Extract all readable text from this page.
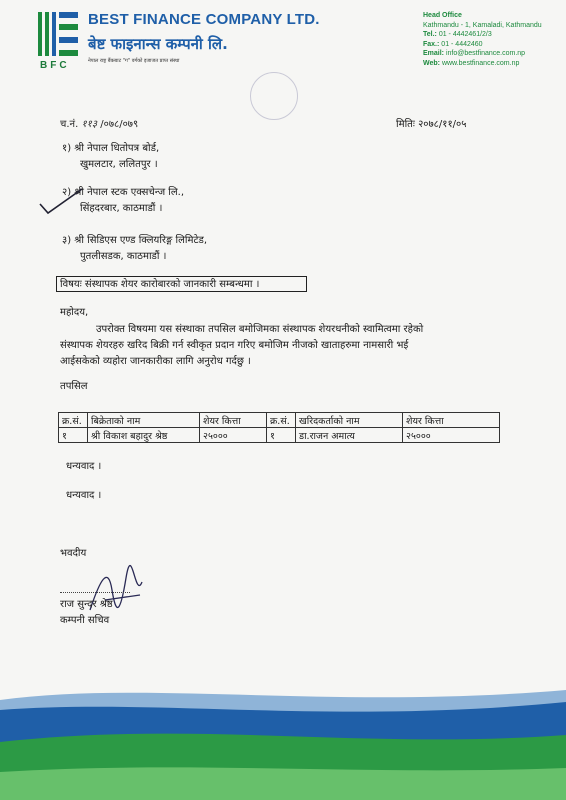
BFC
BEST FINANCE COMPANY LTD.
बेष्ट फाइनान्स कम्पनी लि.
नेपाल राष्ट्र बैंकबाट "ग" वर्गको इजाजत प्राप्त संस्था
Head Office
Kathmandu - 1, Kamaladi, Kathmandu
Tel.: 01 - 4442461/2/3
Fax.: 01 - 4442460
Email: info@bestfinance.com.np
Web: www.bestfinance.com.np
च.नं. ११३ /०७८/०७९	मितिः २०७८/११/०५
१) श्री नेपाल धितोपत्र बोर्ड,
खुमलटार, ललितपुर ।
२) श्री नेपाल स्टक एक्सचेन्ज लि.,
सिंहदरबार, काठमाडौं ।
३) श्री सिडिएस एण्ड क्लियरिङ्ग लिमिटेड,
पुतलीसडक, काठमाडौं ।
विषयः संस्थापक शेयर कारोबारको जानकारी सम्बन्धमा ।
महोदय,
उपरोक्त विषयमा यस संस्थाका तपसिल बमोजिमका संस्थापक शेयरधनीको स्वामित्वमा रहेको
संस्थापक शेयरहरु खरिद बिक्री गर्न स्वीकृत प्रदान गरिए बमोजिम नीजको खाताहरुमा नामसारी भई
आईसकेको व्यहोरा जानकारीका लागि अनुरोध गर्दछु ।
तपसिल
क्र.सं.	बिक्रेताको नाम	शेयर कित्ता	क्र.सं.	खरिदकर्ताको नाम	शेयर कित्ता
१	श्री विकाश बहादुर श्रेष्ठ	२५०००	१	डा.राजन अमात्य	२५०००
धन्यवाद ।
धन्यवाद ।
भवदीय
राज सुन्दर श्रेष्ठ
कम्पनी सचिव
